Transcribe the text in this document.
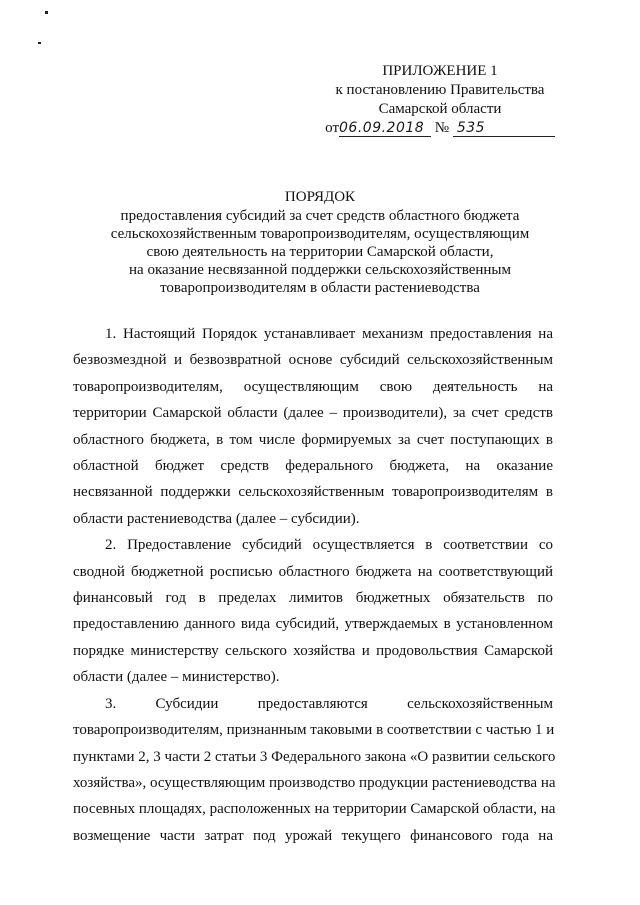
ПРИЛОЖЕНИЕ 1
к постановлению Правительства
Самарской области
от06.09.2018 № 535
ПОРЯДОК
предоставления субсидий за счет средств областного бюджета
сельскохозяйственным товаропроизводителям, осуществляющим
свою деятельность на территории Самарской области,
на оказание несвязанной поддержки сельскохозяйственным
товаропроизводителям в области растениеводства
1. Настоящий Порядок устанавливает механизм предоставления на
безвозмездной и безвозвратной основе субсидий сельскохозяйственным
товаропроизводителям, осуществляющим свою деятельность на
территории Самарской области (далее – производители), за счет средств
областного бюджета, в том числе формируемых за счет поступающих в
областной бюджет средств федерального бюджета, на оказание
несвязанной поддержки сельскохозяйственным товаропроизводителям в
области растениеводства (далее – субсидии).
2. Предоставление субсидий осуществляется в соответствии со
сводной бюджетной росписью областного бюджета на соответствующий
финансовый год в пределах лимитов бюджетных обязательств по
предоставлению данного вида субсидий, утверждаемых в установленном
порядке министерству сельского хозяйства и продовольствия Самарской
области (далее – министерство).
3. Субсидии предоставляются сельскохозяйственным
товаропроизводителям, признанным таковыми в соответствии с частью 1 и
пунктами 2, 3 части 2 статьи 3 Федерального закона «О развитии сельского
хозяйства», осуществляющим производство продукции растениеводства на
посевных площадях, расположенных на территории Самарской области, на
возмещение части затрат под урожай текущего финансового года на
